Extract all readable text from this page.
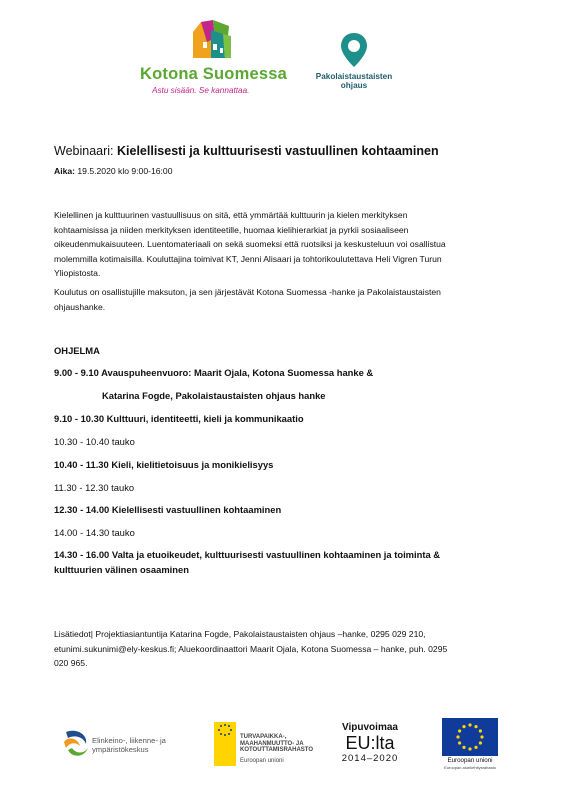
Kotona Suomessa
Astu sisään. Se kannattaa.
Pakolaistaustaisten
ohjaus
Webinaari: Kielellisesti ja kulttuurisesti vastuullinen kohtaaminen
Aika: 19.5.2020 klo 9:00-16:00
Kielellinen ja kulttuurinen vastuullisuus on sitä, että ymmärtää kulttuurin ja kielen merkityksen
kohtaamisissa ja niiden merkityksen identiteetille, huomaa kielihierarkiat ja pyrkii sosiaaliseen
oikeudenmukaisuuteen. Luentomateriaali on sekä suomeksi että ruotsiksi ja keskusteluun voi osallistua
molemmilla kotimaisilla. Kouluttajina toimivat KT, Jenni Alisaari ja tohtorikoulutettava Heli Vigren Turun
Yliopistosta.
Koulutus on osallistujille maksuton, ja sen järjestävät Kotona Suomessa -hanke ja Pakolaistaustaisten
ohjaushanke.
OHJELMA
9.00 - 9.10 Avauspuheenvuoro: Maarit Ojala, Kotona Suomessa hanke &
Katarina Fogde, Pakolaistaustaisten ohjaus hanke
9.10 - 10.30 Kulttuuri, identiteetti, kieli ja kommunikaatio
10.30 - 10.40 tauko
10.40 - 11.30 Kieli, kielitietoisuus ja monikielisyys
11.30 - 12.30 tauko
12.30 - 14.00 Kielellisesti vastuullinen kohtaaminen
14.00 - 14.30 tauko
14.30 - 16.00 Valta ja etuoikeudet, kulttuurisesti vastuullinen kohtaaminen ja toiminta &
kulttuurien välinen osaaminen
Lisätiedot| Projektiasiantuntija Katarina Fogde, Pakolaistaustaisten ohjaus –hanke, 0295 029 210,
etunimi.sukunimi@ely-keskus.fi; Aluekoordinaattori Maarit Ojala, Kotona Suomessa – hanke, puh. 0295
020 965.
Elinkeino-, liikenne- ja
ympäristökeskus
TURVAPAIKKA-,
MAAHANMUUTTO- JA
KOTOUTTAMISRAHASTO
Euroopan unioni
Vipuvoimaa
EU:lta
2014–2020	Euroopan unioni
Euroopan aluekehitysrahasto
